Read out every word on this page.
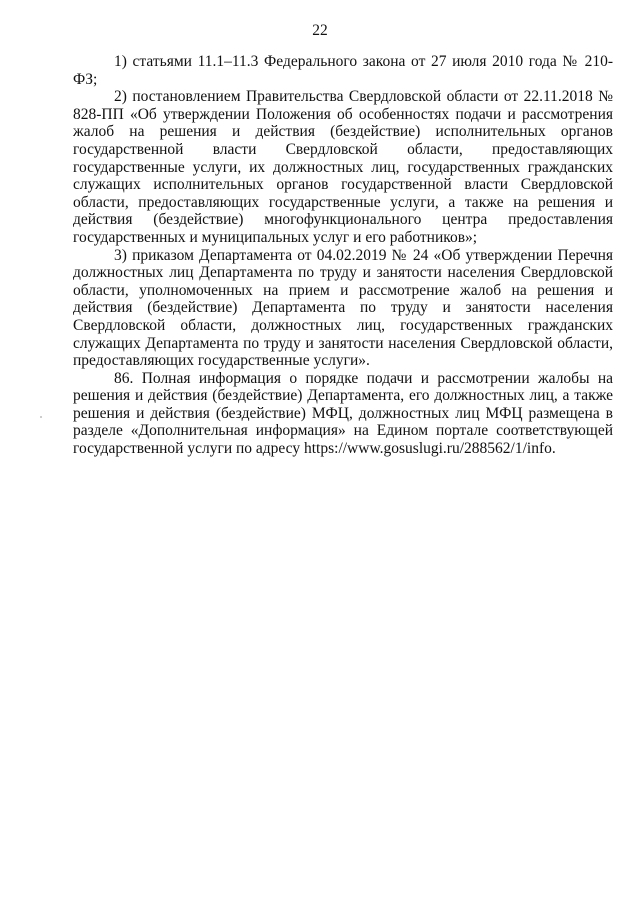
22

1) статьями 11.1–11.3 Федерального закона от 27 июля 2010 года № 210-ФЗ;

2) постановлением Правительства Свердловской области от 22.11.2018 № 828-ПП «Об утверждении Положения об особенностях подачи и рассмотрения жалоб на решения и действия (бездействие) исполнительных органов государственной власти Свердловской области, предоставляющих государственные услуги, их должностных лиц, государственных гражданских служащих исполнительных органов государственной власти Свердловской области, предоставляющих государственные услуги, а также на решения и действия (бездействие) многофункционального центра предоставления государственных и муниципальных услуг и его работников»;

3) приказом Департамента от 04.02.2019 № 24 «Об утверждении Перечня должностных лиц Департамента по труду и занятости населения Свердловской области, уполномоченных на прием и рассмотрение жалоб на решения и действия (бездействие) Департамента по труду и занятости населения Свердловской области, должностных лиц, государственных гражданских служащих Департамента по труду и занятости населения Свердловской области, предоставляющих государственные услуги».

86. Полная информация о порядке подачи и рассмотрении жалобы на решения и действия (бездействие) Департамента, его должностных лиц, а также решения и действия (бездействие) МФЦ, должностных лиц МФЦ размещена в разделе «Дополнительная информация» на Едином портале соответствующей государственной услуги по адресу https://www.gosuslugi.ru/288562/1/info.
